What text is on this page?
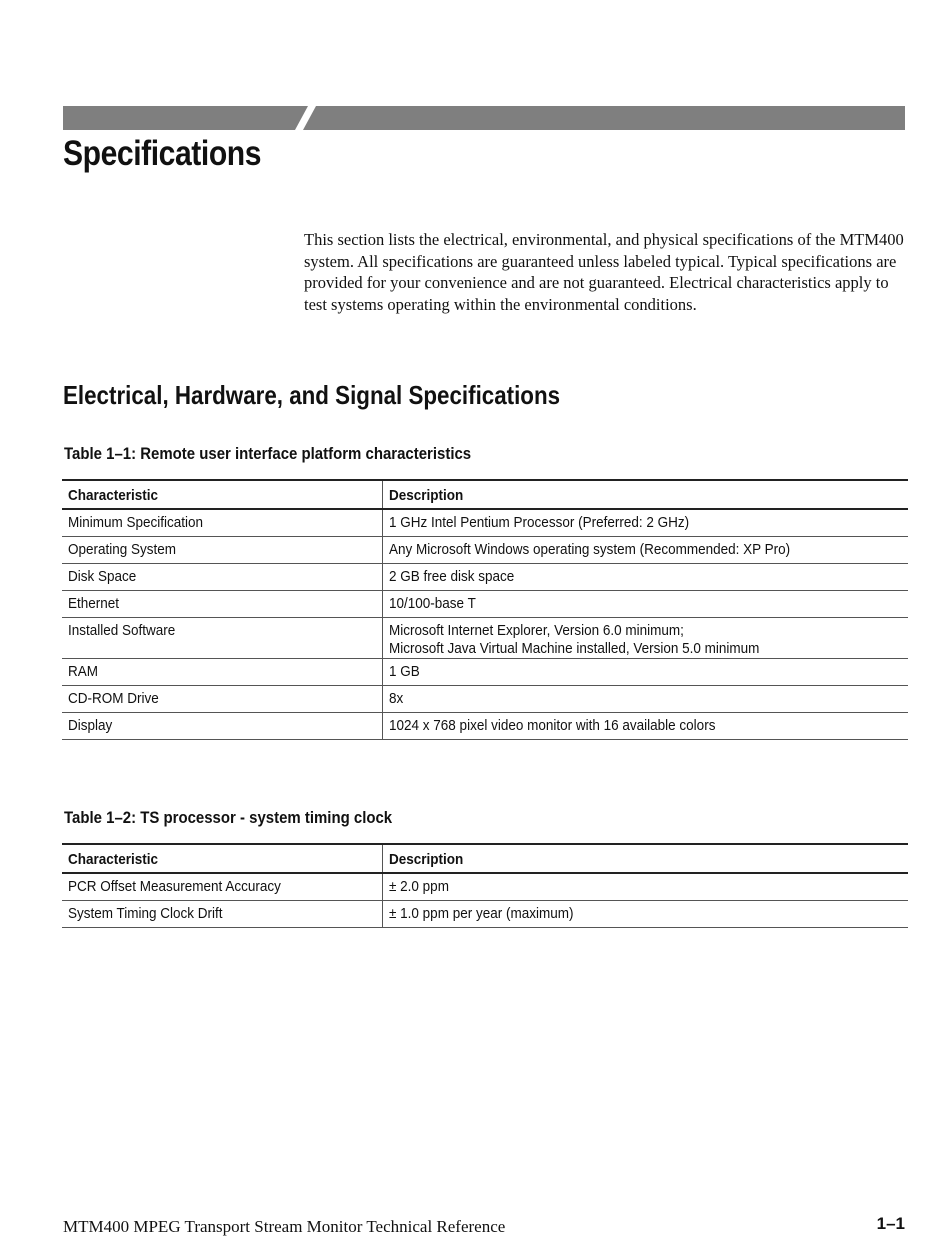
Specifications

This section lists the electrical, environmental, and physical specifications of the MTM400 system. All specifications are guaranteed unless labeled typical. Typical specifications are provided for your convenience and are not guaranteed. Electrical characteristics apply to test systems operating within the environmental conditions.

Electrical, Hardware, and Signal Specifications

Table 1–1: Remote user interface platform characteristics

Characteristic	Description
Minimum Specification	1 GHz Intel Pentium Processor (Preferred: 2 GHz)

Operating System	Any Microsoft Windows operating system (Recommended: XP Pro)

Disk Space	2 GB free disk space

Ethernet	10/100-base T

Installed Software	Microsoft Internet Explorer, Version 6.0 minimum;
Microsoft Java Virtual Machine installed, Version 5.0 minimum

RAM	1 GB

CD-ROM Drive	8x

Display	1024 x 768 pixel video monitor with 16 available colors

Table 1–2: TS processor - system timing clock

Characteristic	Description
PCR Offset Measurement Accuracy	± 2.0 ppm

System Timing Clock Drift	± 1.0 ppm per year (maximum)
MTM400 MPEG Transport Stream Monitor Technical Reference	1–1
